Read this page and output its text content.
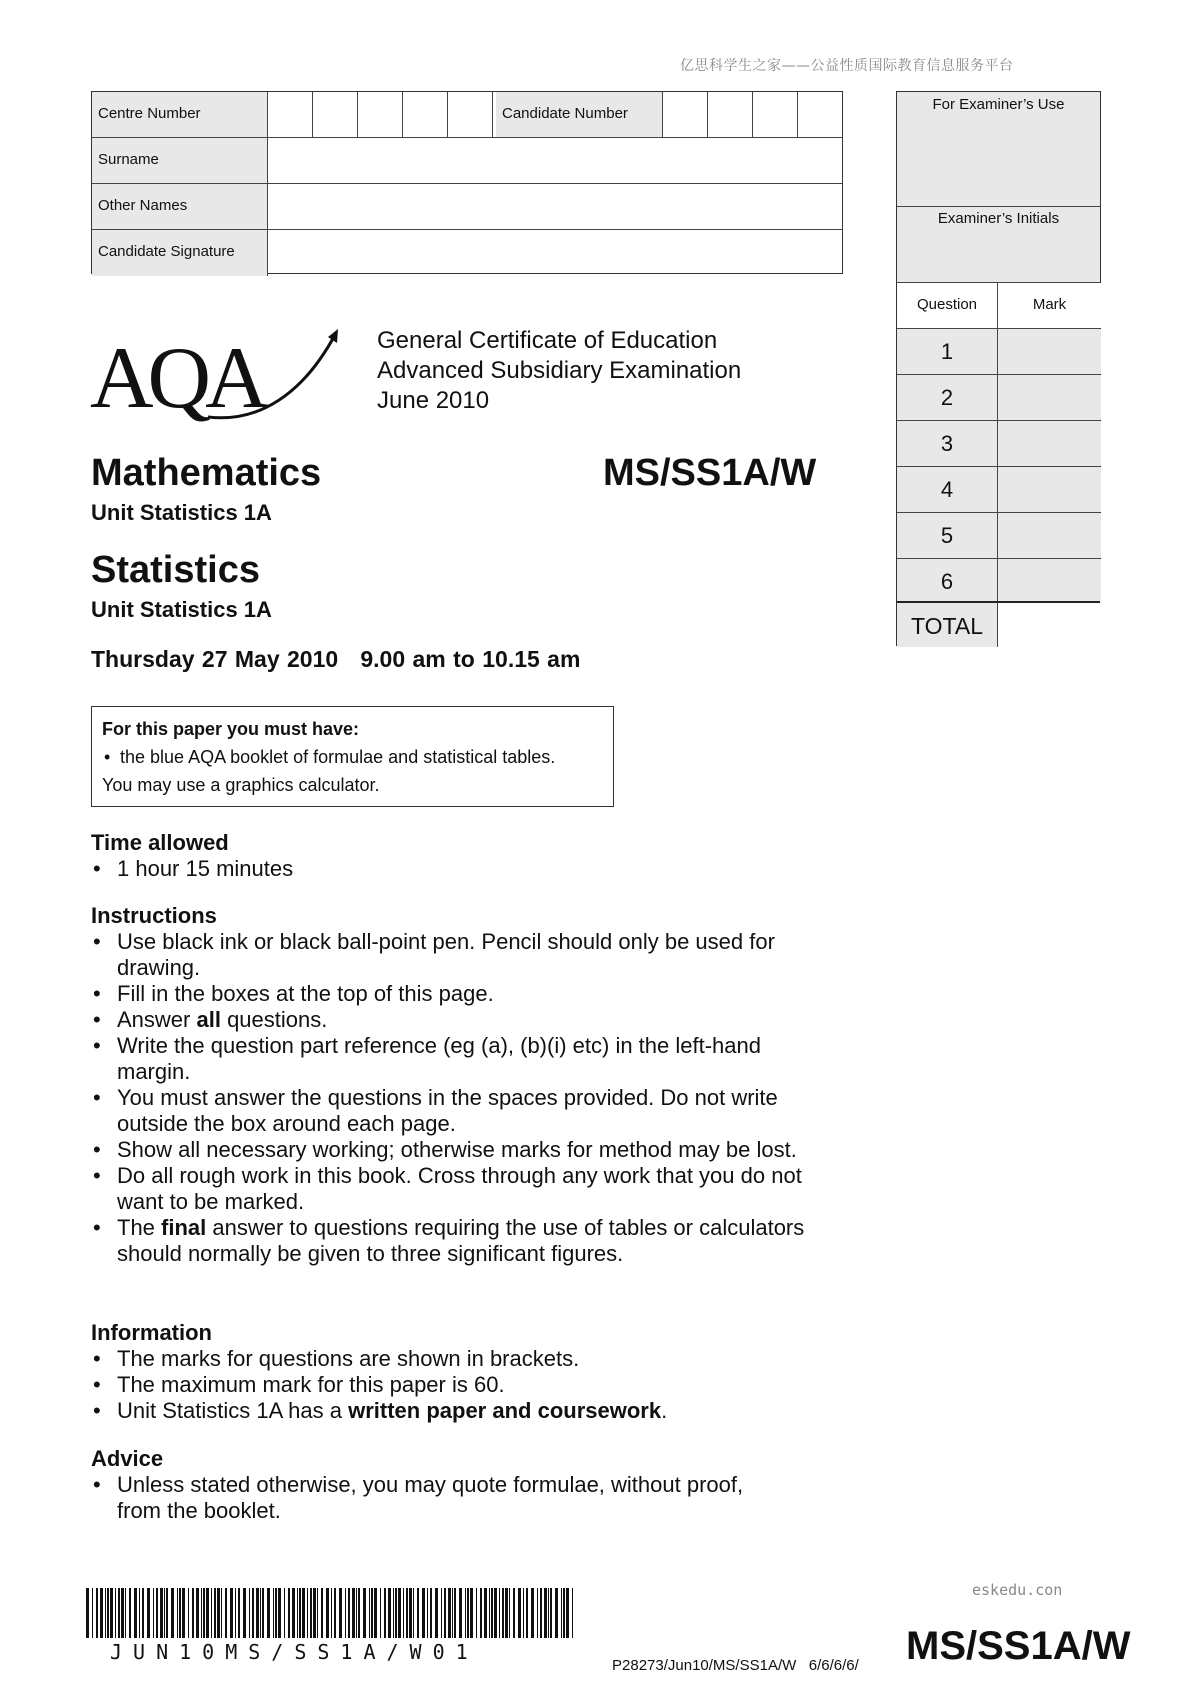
亿思科学生之家——公益性质国际教育信息服务平台
Centre Number	Candidate Number
Surname
Other Names
Candidate Signature
For Examiner’s Use
Examiner’s Initials
Question	Mark
1
2
3
4
5
6
TOTAL
AQA	General Certificate of Education
Advanced Subsidiary Examination
June 2010
Mathematics	MS/SS1A/W
Unit Statistics 1A
Statistics
Unit Statistics 1A
Thursday 27 May 2010   9.00 am to 10.15 am
For this paper you must have:
• the blue AQA booklet of formulae and statistical tables.
You may use a graphics calculator.
Time allowed
• 1 hour 15 minutes
Instructions
• Use black ink or black ball-point pen. Pencil should only be used for drawing.
• Fill in the boxes at the top of this page.
• Answer all questions.
• Write the question part reference (eg (a), (b)(i) etc) in the left-hand margin.
• You must answer the questions in the spaces provided. Do not write outside the box around each page.
• Show all necessary working; otherwise marks for method may be lost.
• Do all rough work in this book. Cross through any work that you do not want to be marked.
• The final answer to questions requiring the use of tables or calculators should normally be given to three significant figures.
Information
• The marks for questions are shown in brackets.
• The maximum mark for this paper is 60.
• Unit Statistics 1A has a written paper and coursework.
Advice
• Unless stated otherwise, you may quote formulae, without proof, from the booklet.
eskedu.con
JUN10MS/SS1A/W01
P28273/Jun10/MS/SS1A/W   6/6/6/6/ MS/SS1A/W
